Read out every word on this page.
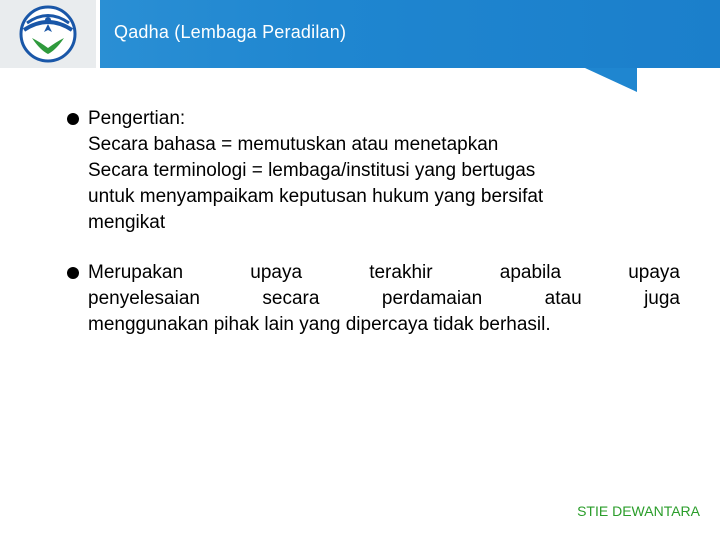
Qadha (Lembaga Peradilan)
Pengertian:
Secara bahasa = memutuskan atau menetapkan
Secara terminologi = lembaga/institusi yang bertugas
untuk menyampaikam keputusan hukum yang bersifat
mengikat
Merupakan upaya terakhir apabila upaya
penyelesaian secara perdamaian atau juga
menggunakan pihak lain yang dipercaya tidak berhasil.
STIE DEWANTARA
